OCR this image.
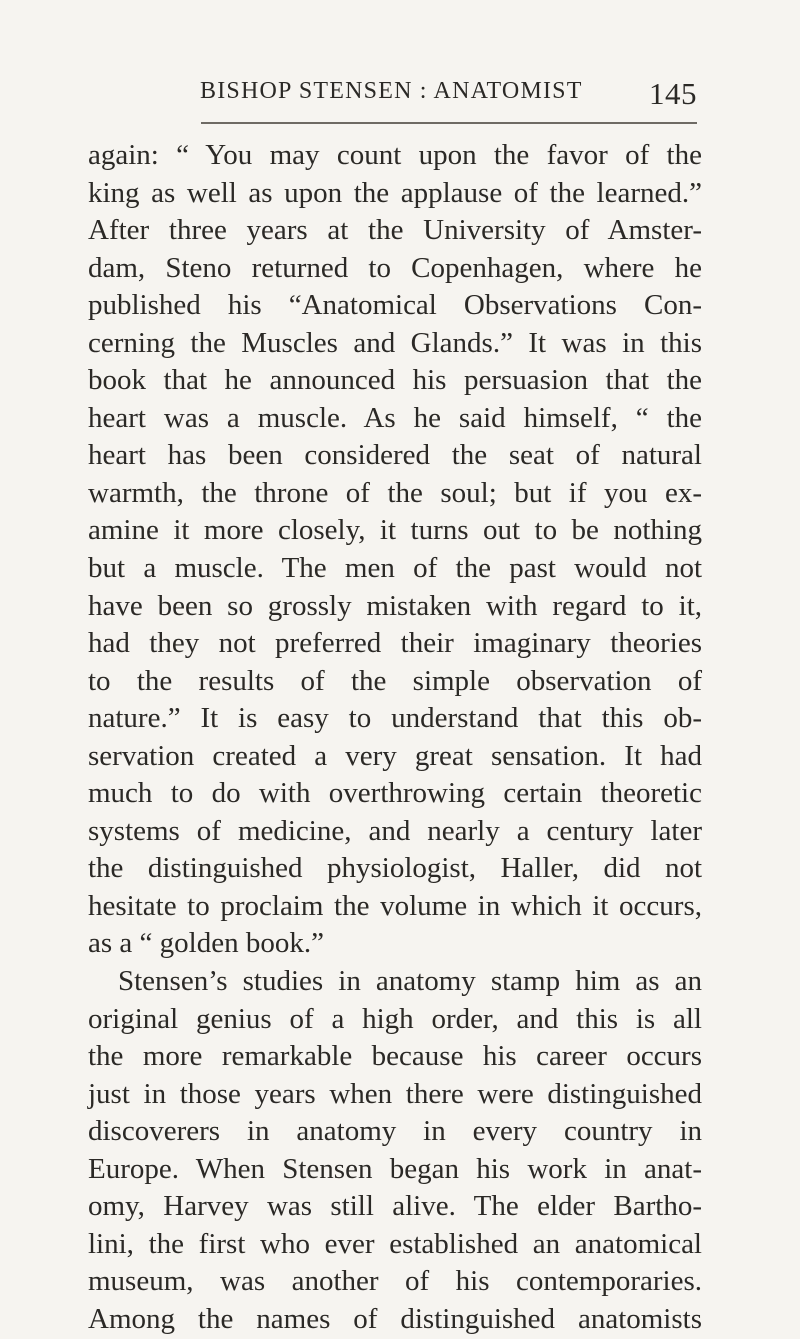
BISHOP STENSEN : ANATOMIST 145
again: “ You may count upon the favor of the
king as well as upon the applause of the learned.”
After three years at the University of Amster-
dam, Steno returned to Copenhagen, where he
published his “Anatomical Observations Con-
cerning the Muscles and Glands.” It was in this
book that he announced his persuasion that the
heart was a muscle. As he said himself, “ the
heart has been considered the seat of natural
warmth, the throne of the soul; but if you ex-
amine it more closely, it turns out to be nothing
but a muscle. The men of the past would not
have been so grossly mistaken with regard to it,
had they not preferred their imaginary theories
to the results of the simple observation of
nature.” It is easy to understand that this ob-
servation created a very great sensation. It had
much to do with overthrowing certain theoretic
systems of medicine, and nearly a century later
the distinguished physiologist, Haller, did not
hesitate to proclaim the volume in which it occurs,
as a “ golden book.”
Stensen’s studies in anatomy stamp him as an
original genius of a high order, and this is all
the more remarkable because his career occurs
just in those years when there were distinguished
discoverers in anatomy in every country in
Europe. When Stensen began his work in anat-
omy, Harvey was still alive. The elder Bartho-
lini, the first who ever established an anatomical
museum, was another of his contemporaries.
Among the names of distinguished anatomists
